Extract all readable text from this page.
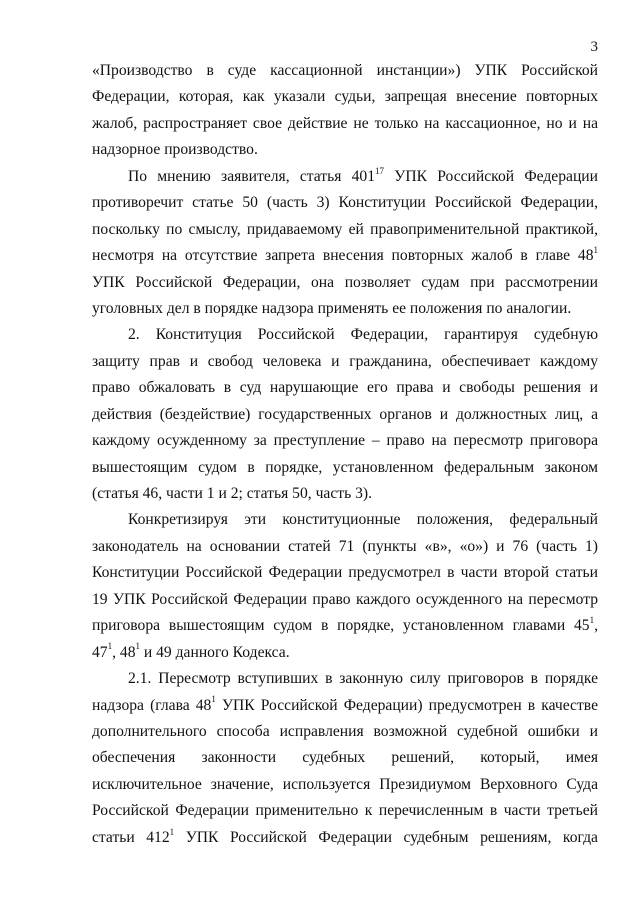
3
«Производство в суде кассационной инстанции») УПК Российской
Федерации, которая, как указали судьи, запрещая внесение повторных
жалоб, распространяет свое действие не только на кассационное, но и на
надзорное производство.
По мнению заявителя, статья $401^{17}$ УПК Российской Федерации
противоречит статье 50 (часть 3) Конституции Российской Федерации,
поскольку по смыслу, придаваемому ей правоприменительной практикой,
несмотря на отсутствие запрета внесения повторных жалоб в главе $48^1$
УПК Российской Федерации, она позволяет судам при рассмотрении
уголовных дел в порядке надзора применять ее положения по аналогии.
2. Конституция Российской Федерации, гарантируя судебную
защиту прав и свобод человека и гражданина, обеспечивает каждому
право обжаловать в суд нарушающие его права и свободы решения и
действия (бездействие) государственных органов и должностных лиц, а
каждому осужденному за преступление – право на пересмотр приговора
вышестоящим судом в порядке, установленном федеральным законом
(статья 46, части 1 и 2; статья 50, часть 3).
Конкретизируя эти конституционные положения, федеральный
законодатель на основании статей 71 (пункты «в», «о») и 76 (часть 1)
Конституции Российской Федерации предусмотрел в части второй статьи
19 УПК Российской Федерации право каждого осужденного на пересмотр
приговора вышестоящим судом в порядке, установленном главами $45^1$,
$47^1$, $48^1$ и 49 данного Кодекса.
2.1. Пересмотр вступивших в законную силу приговоров в порядке
надзора (глава $48^1$ УПК Российской Федерации) предусмотрен в качестве
дополнительного способа исправления возможной судебной ошибки и
обеспечения законности судебных решений, который, имея
исключительное значение, используется Президиумом Верховного Суда
Российской Федерации применительно к перечисленным в части третьей
статьи $412^1$ УПК Российской Федерации судебным решениям, когда
